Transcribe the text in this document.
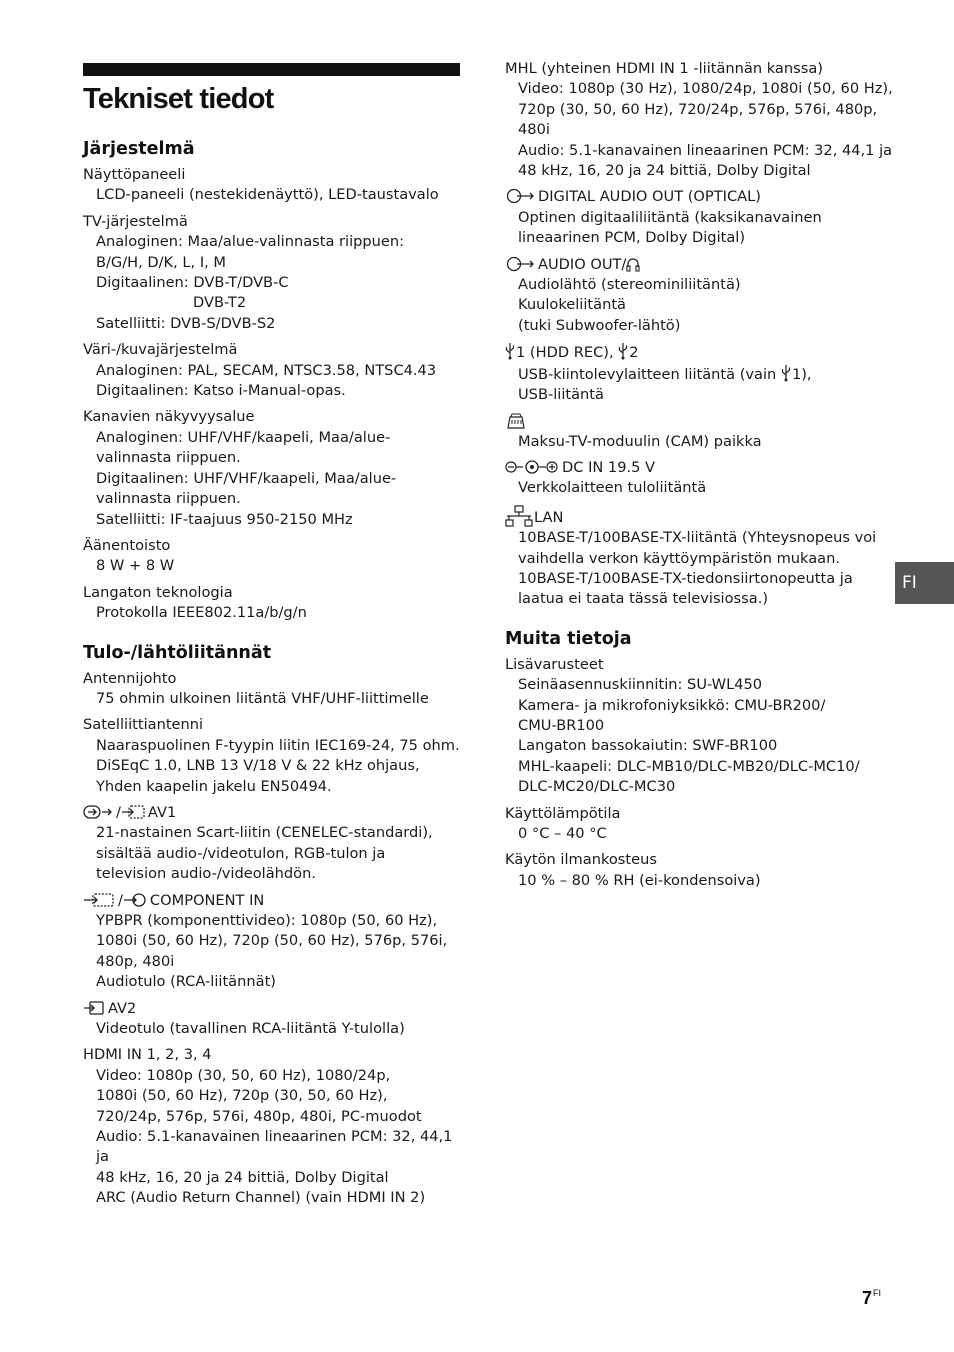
Tekniset tiedot
Järjestelmä
Näyttöpaneeli
LCD-paneeli (nestekidenäyttö), LED-taustavalo
TV-järjestelmä
Analoginen: Maa/alue-valinnasta riippuen:
B/G/H, D/K, L, I, M
Digitaalinen: DVB-T/DVB-C
DVB-T2
Satelliitti: DVB-S/DVB-S2
Väri-/kuvajärjestelmä
Analoginen: PAL, SECAM, NTSC3.58, NTSC4.43
Digitaalinen: Katso i-Manual-opas.
Kanavien näkyvyysalue
Analoginen: UHF/VHF/kaapeli, Maa/alue-
valinnasta riippuen.
Digitaalinen: UHF/VHF/kaapeli, Maa/alue-
valinnasta riippuen.
Satelliitti: IF-taajuus 950-2150 MHz
Äänentoisto
8 W + 8 W
Langaton teknologia
Protokolla IEEE802.11a/b/g/n
Tulo-/lähtöliitännät
Antennijohto
75 ohmin ulkoinen liitäntä VHF/UHF-liittimelle
Satelliittiantenni
Naaraspuolinen F-tyypin liitin IEC169-24, 75 ohm.
DiSEqC 1.0, LNB 13 V/18 V & 22 kHz ohjaus,
Yhden kaapelin jakelu EN50494.
/ AV1
21-nastainen Scart-liitin (CENELEC-standardi),
sisältää audio-/videotulon, RGB-tulon ja
television audio-/videolähdön.
/ COMPONENT IN
YPBPR (komponenttivideo): 1080p (50, 60 Hz),
1080i (50, 60 Hz), 720p (50, 60 Hz), 576p, 576i,
480p, 480i
Audiotulo (RCA-liitännät)
AV2
Videotulo (tavallinen RCA-liitäntä Y-tulolla)
HDMI IN 1, 2, 3, 4
Video: 1080p (30, 50, 60 Hz), 1080/24p,
1080i (50, 60 Hz), 720p (30, 50, 60 Hz),
720/24p, 576p, 576i, 480p, 480i, PC-muodot
Audio: 5.1-kanavainen lineaarinen PCM: 32, 44,1 ja
48 kHz, 16, 20 ja 24 bittiä, Dolby Digital
ARC (Audio Return Channel) (vain HDMI IN 2)
MHL (yhteinen HDMI IN 1 -liitännän kanssa)
Video: 1080p (30 Hz), 1080/24p, 1080i (50, 60 Hz),
720p (30, 50, 60 Hz), 720/24p, 576p, 576i, 480p,
480i
Audio: 5.1-kanavainen lineaarinen PCM: 32, 44,1 ja
48 kHz, 16, 20 ja 24 bittiä, Dolby Digital
DIGITAL AUDIO OUT (OPTICAL)
Optinen digitaaliliitäntä (kaksikanavainen
lineaarinen PCM, Dolby Digital)
AUDIO OUT/
Audiolähtö (stereominiliitäntä)
Kuulokeliitäntä
(tuki Subwoofer-lähtö)
1 (HDD REC), 2
USB-kiintolevylaitteen liitäntä (vain 1),
USB-liitäntä
Maksu-TV-moduulin (CAM) paikka
DC IN 19.5 V
Verkkolaitteen tuloliitäntä
LAN
10BASE-T/100BASE-TX-liitäntä (Yhteysnopeus voi
vaihdella verkon käyttöympäristön mukaan.
10BASE-T/100BASE-TX-tiedonsiirtonopeutta ja
laatua ei taata tässä televisiossa.)
Muita tietoja
Lisävarusteet
Seinäasennuskiinnitin: SU-WL450
Kamera- ja mikrofoniyksikkö: CMU-BR200/
CMU-BR100
Langaton bassokaiutin: SWF-BR100
MHL-kaapeli: DLC-MB10/DLC-MB20/DLC-MC10/
DLC-MC20/DLC-MC30
Käyttölämpötila
0 °C – 40 °C
Käytön ilmankosteus
10 % – 80 % RH (ei-kondensoiva)
FI
$7^{FI}$
